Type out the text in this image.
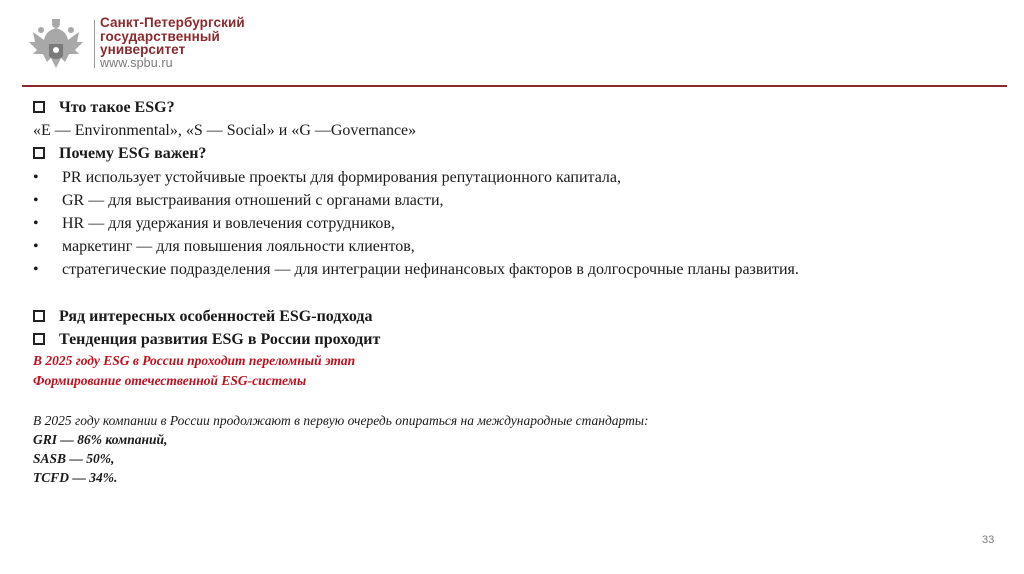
Санкт-Петербургский
государственный
университет
www.spbu.ru
Что такое ESG?
«E — Environmental», «S — Social» и «G —Governance»
Почему ESG важен?
• PR использует устойчивые проекты для формирования репутационного капитала,
• GR — для выстраивания отношений с органами власти,
• HR — для удержания и вовлечения сотрудников,
• маркетинг — для повышения лояльности клиентов,
• стратегические подразделения — для интеграции нефинансовых факторов в долгосрочные планы развития.
Ряд интересных особенностей ESG-подхода
Тенденция развития ESG в России проходит
В 2025 году ESG в России проходит переломный этап
Формирование отечественной ESG-системы
В 2025 году компании в России продолжают в первую очередь опираться на международные стандарты:
GRI — 86% компаний,
SASB — 50%,
TCFD — 34%.
33
